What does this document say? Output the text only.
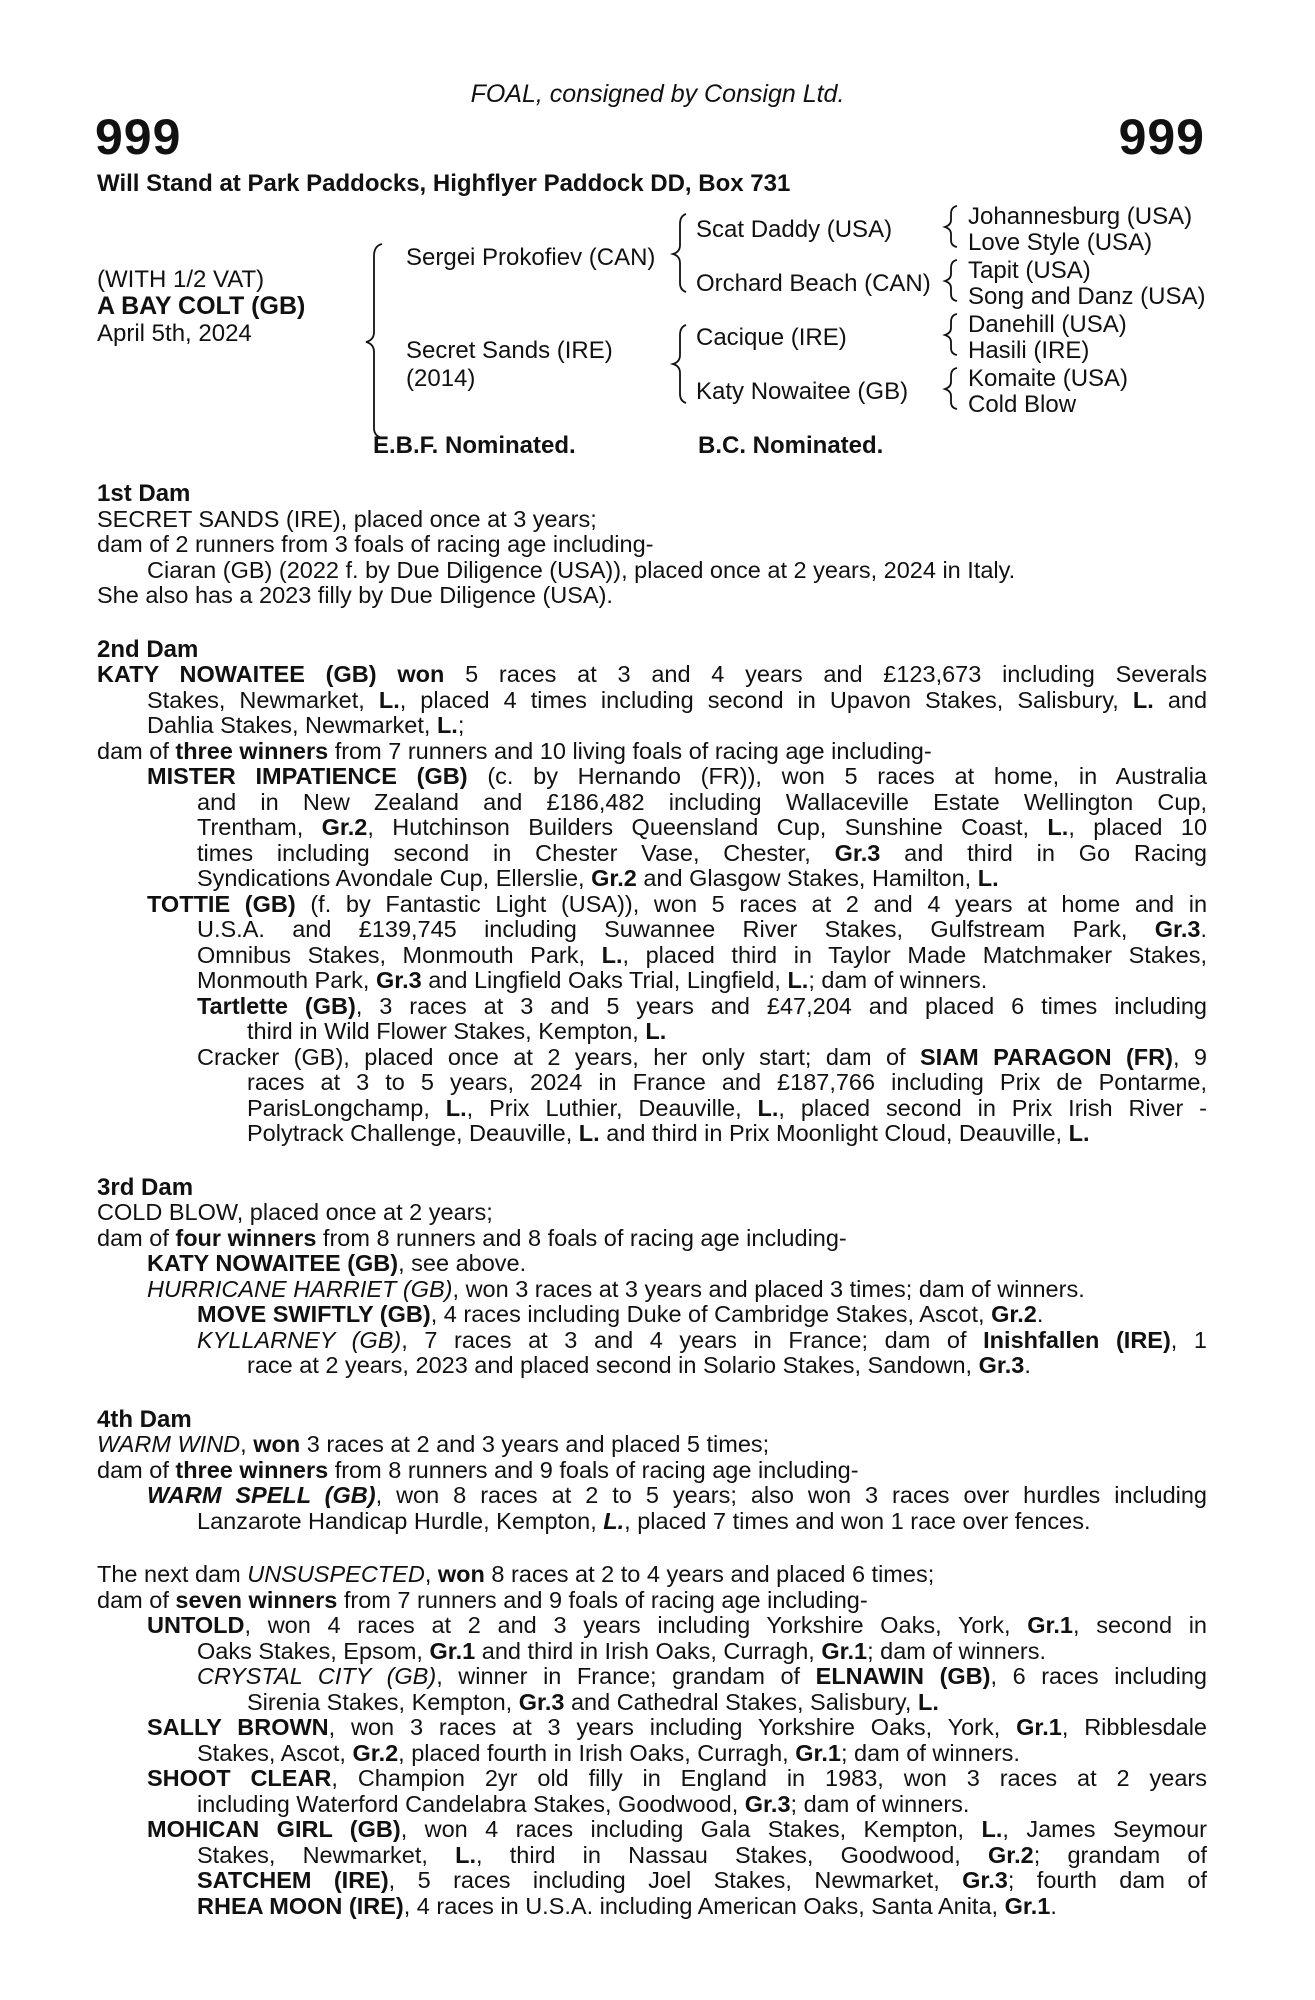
FOAL, consigned by Consign Ltd.
999	999
Will Stand at Park Paddocks, Highflyer Paddock DD, Box 731
(WITH 1/2 VAT)
A BAY COLT (GB)
April 5th, 2024
Sergei Prokofiev (CAN)
Secret Sands (IRE)
(2014)
Scat Daddy (USA)
Orchard Beach (CAN)
Cacique (IRE)
Katy Nowaitee (GB)
Johannesburg (USA)
Love Style (USA)
Tapit (USA)
Song and Danz (USA)
Danehill (USA)
Hasili (IRE)
Komaite (USA)
Cold Blow
E.B.F. Nominated.	B.C. Nominated.
1st Dam
SECRET SANDS (IRE), placed once at 3 years;
dam of 2 runners from 3 foals of racing age including-
Ciaran (GB) (2022 f. by Due Diligence (USA)), placed once at 2 years, 2024 in Italy.
She also has a 2023 filly by Due Diligence (USA).
2nd Dam
KATY NOWAITEE (GB) won 5 races at 3 and 4 years and £123,673 including Severals
Stakes, Newmarket, L., placed 4 times including second in Upavon Stakes, Salisbury, L. and
Dahlia Stakes, Newmarket, L.;
dam of three winners from 7 runners and 10 living foals of racing age including-
MISTER IMPATIENCE (GB) (c. by Hernando (FR)), won 5 races at home, in Australia
and in New Zealand and £186,482 including Wallaceville Estate Wellington Cup,
Trentham, Gr.2, Hutchinson Builders Queensland Cup, Sunshine Coast, L., placed 10
times including second in Chester Vase, Chester, Gr.3 and third in Go Racing
Syndications Avondale Cup, Ellerslie, Gr.2 and Glasgow Stakes, Hamilton, L.
TOTTIE (GB) (f. by Fantastic Light (USA)), won 5 races at 2 and 4 years at home and in
U.S.A. and £139,745 including Suwannee River Stakes, Gulfstream Park, Gr.3.
Omnibus Stakes, Monmouth Park, L., placed third in Taylor Made Matchmaker Stakes,
Monmouth Park, Gr.3 and Lingfield Oaks Trial, Lingfield, L.; dam of winners.
Tartlette (GB), 3 races at 3 and 5 years and £47,204 and placed 6 times including
third in Wild Flower Stakes, Kempton, L.
Cracker (GB), placed once at 2 years, her only start; dam of SIAM PARAGON (FR), 9
races at 3 to 5 years, 2024 in France and £187,766 including Prix de Pontarme,
ParisLongchamp, L., Prix Luthier, Deauville, L., placed second in Prix Irish River -
Polytrack Challenge, Deauville, L. and third in Prix Moonlight Cloud, Deauville, L.
3rd Dam
COLD BLOW, placed once at 2 years;
dam of four winners from 8 runners and 8 foals of racing age including-
KATY NOWAITEE (GB), see above.
HURRICANE HARRIET (GB), won 3 races at 3 years and placed 3 times; dam of winners.
MOVE SWIFTLY (GB), 4 races including Duke of Cambridge Stakes, Ascot, Gr.2.
KYLLARNEY (GB), 7 races at 3 and 4 years in France; dam of Inishfallen (IRE), 1
race at 2 years, 2023 and placed second in Solario Stakes, Sandown, Gr.3.
4th Dam
WARM WIND, won 3 races at 2 and 3 years and placed 5 times;
dam of three winners from 8 runners and 9 foals of racing age including-
WARM SPELL (GB), won 8 races at 2 to 5 years; also won 3 races over hurdles including
Lanzarote Handicap Hurdle, Kempton, L., placed 7 times and won 1 race over fences.
The next dam UNSUSPECTED, won 8 races at 2 to 4 years and placed 6 times;
dam of seven winners from 7 runners and 9 foals of racing age including-
UNTOLD, won 4 races at 2 and 3 years including Yorkshire Oaks, York, Gr.1, second in
Oaks Stakes, Epsom, Gr.1 and third in Irish Oaks, Curragh, Gr.1; dam of winners.
CRYSTAL CITY (GB), winner in France; grandam of ELNAWIN (GB), 6 races including
Sirenia Stakes, Kempton, Gr.3 and Cathedral Stakes, Salisbury, L.
SALLY BROWN, won 3 races at 3 years including Yorkshire Oaks, York, Gr.1, Ribblesdale
Stakes, Ascot, Gr.2, placed fourth in Irish Oaks, Curragh, Gr.1; dam of winners.
SHOOT CLEAR, Champion 2yr old filly in England in 1983, won 3 races at 2 years
including Waterford Candelabra Stakes, Goodwood, Gr.3; dam of winners.
MOHICAN GIRL (GB), won 4 races including Gala Stakes, Kempton, L., James Seymour
Stakes, Newmarket, L., third in Nassau Stakes, Goodwood, Gr.2; grandam of
SATCHEM (IRE), 5 races including Joel Stakes, Newmarket, Gr.3; fourth dam of
RHEA MOON (IRE), 4 races in U.S.A. including American Oaks, Santa Anita, Gr.1.
